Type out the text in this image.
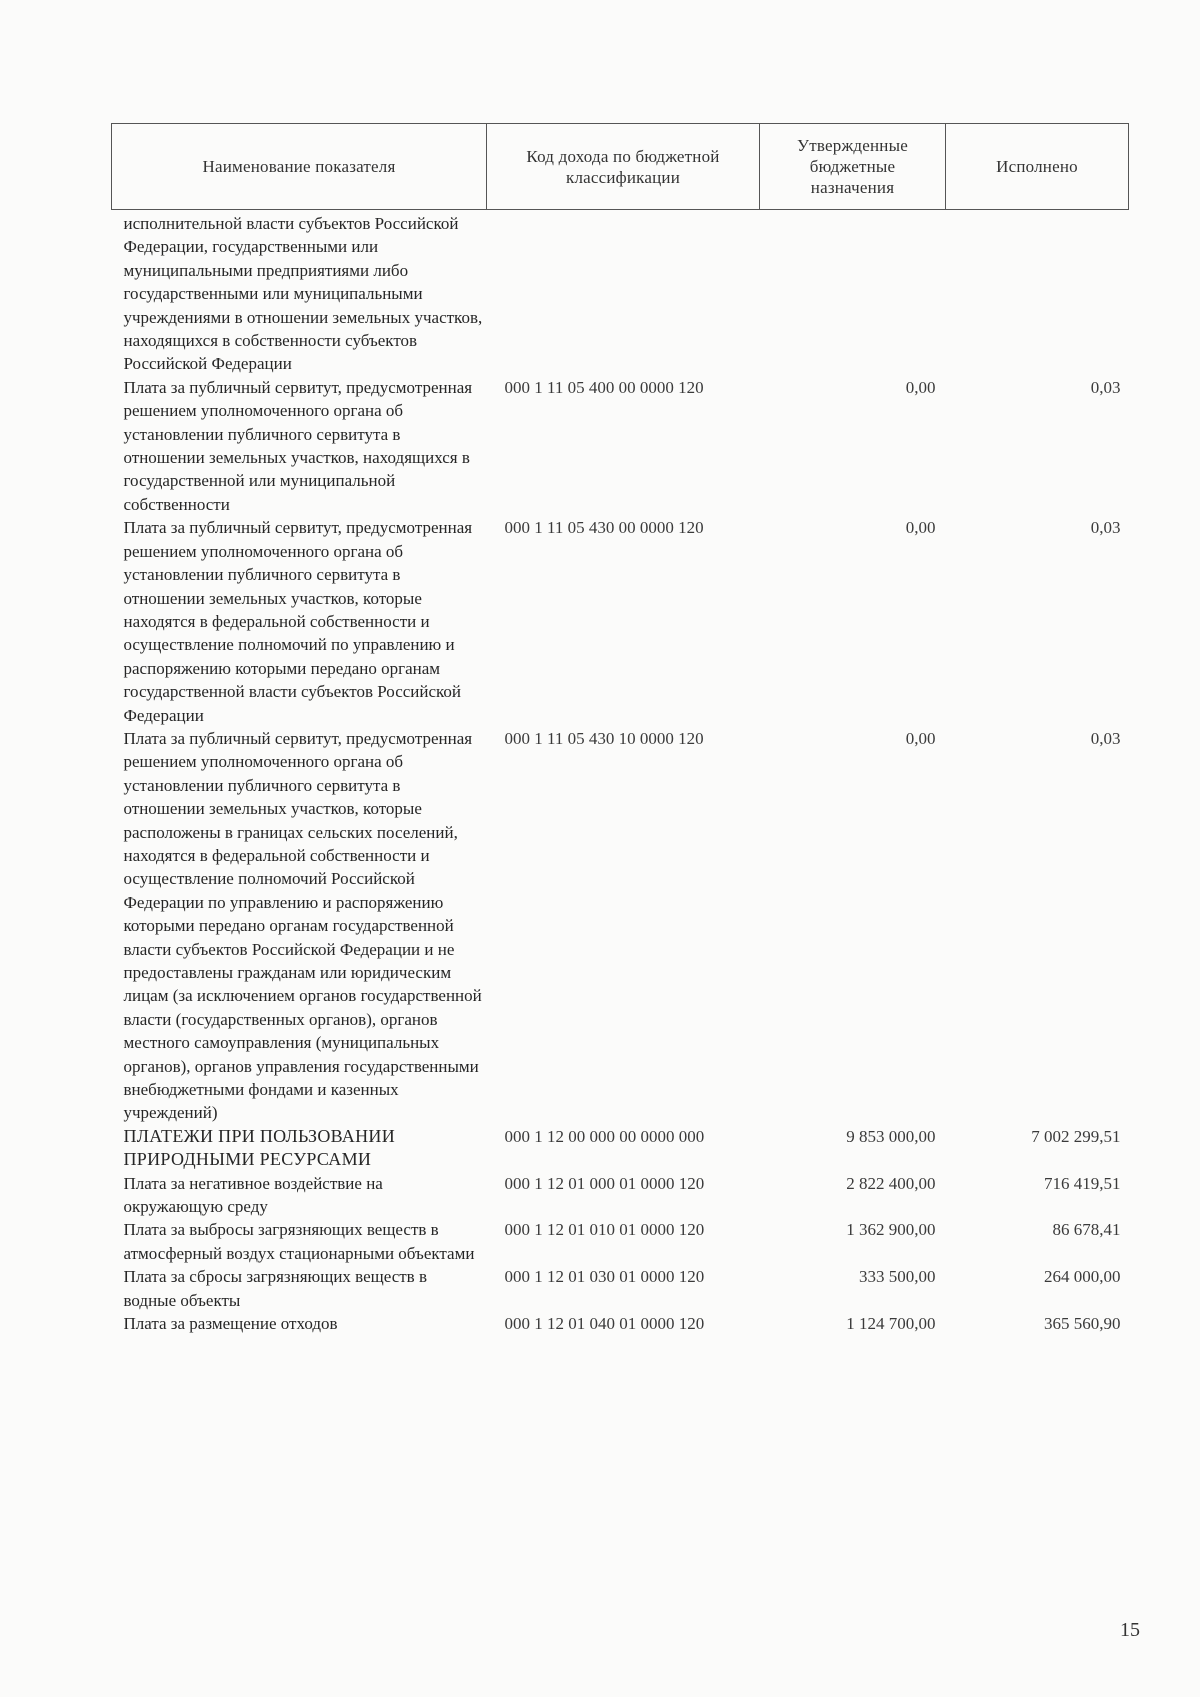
Наименование показателя	Код дохода по бюджетной классификации	Утвержденные бюджетные назначения	Исполнено
исполнительной власти субъектов Российской Федерации, государственными или муниципальными предприятиями либо государственными или муниципальными учреждениями в отношении земельных участков, находящихся в собственности субъектов Российской Федерации			
Плата за публичный сервитут, предусмотренная решением уполномоченного органа об установлении публичного сервитута в отношении земельных участков, находящихся в государственной или муниципальной собственности	000 1 11 05 400 00 0000 120	0,00	0,03
Плата за публичный сервитут, предусмотренная решением уполномоченного органа об установлении публичного сервитута в отношении земельных участков, которые находятся в федеральной собственности и осуществление полномочий по управлению и распоряжению которыми передано органам государственной власти субъектов Российской Федерации	000 1 11 05 430 00 0000 120	0,00	0,03
Плата за публичный сервитут, предусмотренная решением уполномоченного органа об установлении публичного сервитута в отношении земельных участков, которые расположены в границах сельских поселений, находятся в федеральной собственности и осуществление полномочий Российской Федерации по управлению и распоряжению которыми передано органам государственной власти субъектов Российской Федерации и не предоставлены гражданам или юридическим лицам (за исключением органов государственной власти (государственных органов), органов местного самоуправления (муниципальных органов), органов управления государственными внебюджетными фондами и казенных учреждений)	000 1 11 05 430 10 0000 120	0,00	0,03
ПЛАТЕЖИ ПРИ ПОЛЬЗОВАНИИ ПРИРОДНЫМИ РЕСУРСАМИ	000 1 12 00 000 00 0000 000	9 853 000,00	7 002 299,51
Плата за негативное воздействие на окружающую среду	000 1 12 01 000 01 0000 120	2 822 400,00	716 419,51
Плата за выбросы загрязняющих веществ в атмосферный воздух стационарными объектами	000 1 12 01 010 01 0000 120	1 362 900,00	86 678,41
Плата за сбросы загрязняющих веществ в водные объекты	000 1 12 01 030 01 0000 120	333 500,00	264 000,00
Плата за размещение отходов	000 1 12 01 040 01 0000 120	1 124 700,00	365 560,90
15
